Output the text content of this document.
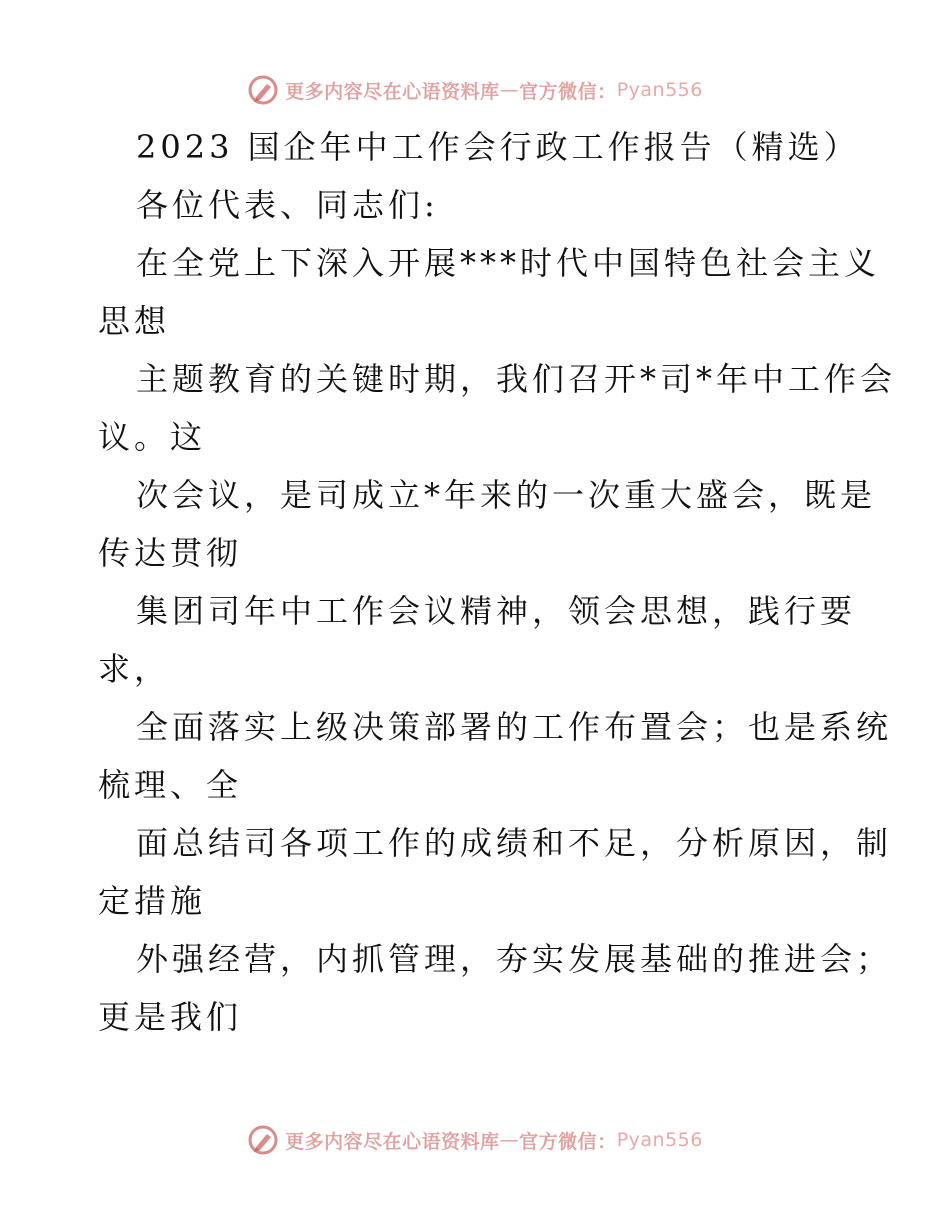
更多内容尽在心语资料库 — 官方微信： Pyan556
2023 国企年中工作会行政工作报告（精选）
各位代表、同志们:
在全党上下深入开展***时代中国特色社会主义
思想
主题教育的关键时期，我们召开*司*年中工作会
议。这
次会议，是司成立*年来的一次重大盛会，既是
传达贯彻
集团司年中工作会议精神，领会思想，践行要
求，
全面落实上级决策部署的工作布置会；也是系统
梳理、全
面总结司各项工作的成绩和不足，分析原因，制
定措施
外强经营，内抓管理，夯实发展基础的推进会；
更是我们
更多内容尽在心语资料库 — 官方微信： Pyan556
